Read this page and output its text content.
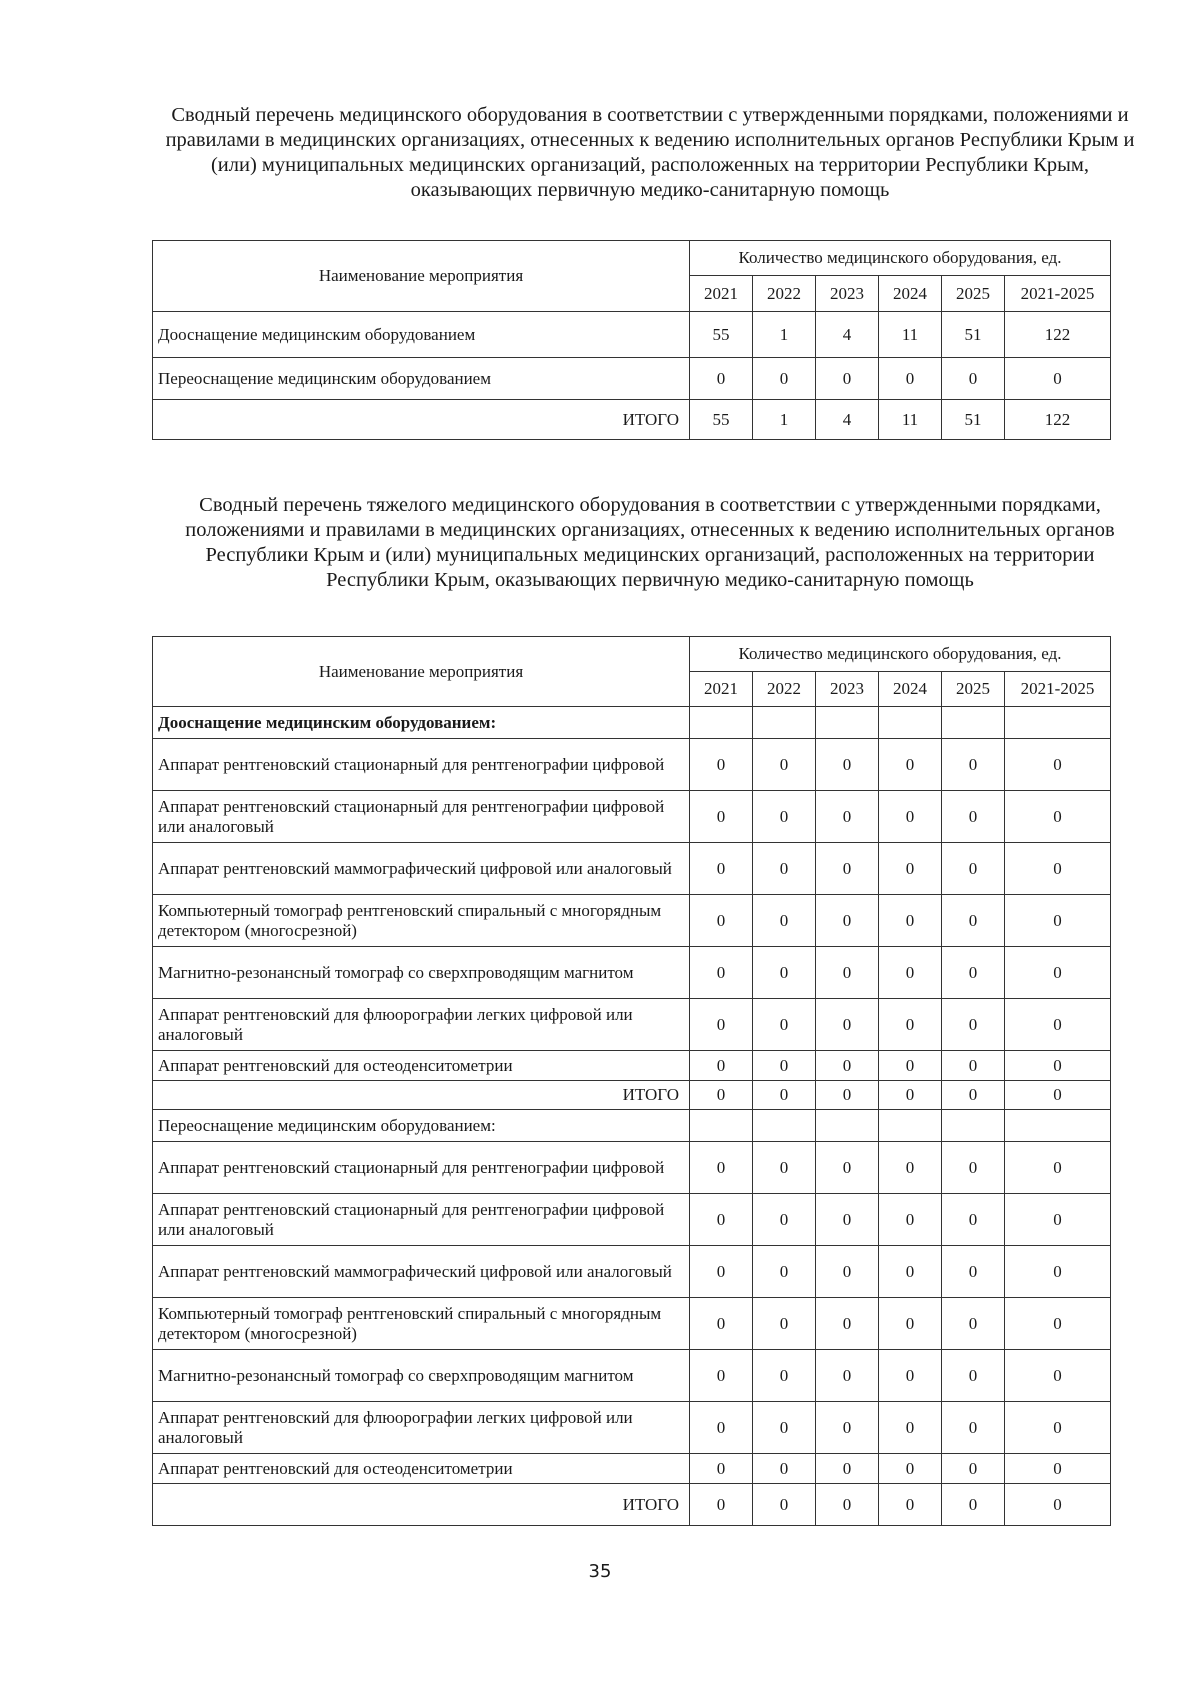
Сводный перечень медицинского оборудования в соответствии с утвержденными порядками, положениями и правилами в медицинских организациях, отнесенных к ведению исполнительных органов Республики Крым и (или) муниципальных медицинских организаций, расположенных на территории Республики Крым, оказывающих первичную медико-санитарную помощь
Наименование мероприятия	Количество медицинского оборудования, ед.					
	2021	2022	2023	2024	2025	2021-2025
Дооснащение медицинским оборудованием	55	1	4	11	51	122
Переоснащение медицинским оборудованием	0	0	0	0	0	0
ИТОГО	55	1	4	11	51	122
Сводный перечень тяжелого медицинского оборудования в соответствии с утвержденными порядками, положениями и правилами в медицинских организациях, отнесенных к ведению исполнительных органов Республики Крым и (или) муниципальных медицинских организаций, расположенных на территории Республики Крым, оказывающих первичную медико-санитарную помощь
Наименование мероприятия	Количество медицинского оборудования, ед.					
	2021	2022	2023	2024	2025	2021-2025
Дооснащение медицинским оборудованием:						
Аппарат рентгеновский стационарный для рентгенографии цифровой	0	0	0	0	0	0
Аппарат рентгеновский стационарный для рентгенографии цифровой или аналоговый	0	0	0	0	0	0
Аппарат рентгеновский маммографический цифровой или аналоговый	0	0	0	0	0	0
Компьютерный томограф рентгеновский спиральный с многорядным детектором (многосрезной)	0	0	0	0	0	0
Магнитно-резонансный томограф со сверхпроводящим магнитом	0	0	0	0	0	0
Аппарат рентгеновский для флюорографии легких цифровой или аналоговый	0	0	0	0	0	0
Аппарат рентгеновский для остеоденситометрии	0	0	0	0	0	0
ИТОГО	0	0	0	0	0	0
Переоснащение медицинским оборудованием:						
Аппарат рентгеновский стационарный для рентгенографии цифровой	0	0	0	0	0	0
Аппарат рентгеновский стационарный для рентгенографии цифровой или аналоговый	0	0	0	0	0	0
Аппарат рентгеновский маммографический цифровой или аналоговый	0	0	0	0	0	0
Компьютерный томограф рентгеновский спиральный с многорядным детектором (многосрезной)	0	0	0	0	0	0
Магнитно-резонансный томограф со сверхпроводящим магнитом	0	0	0	0	0	0
Аппарат рентгеновский для флюорографии легких цифровой или аналоговый	0	0	0	0	0	0
Аппарат рентгеновский для остеоденситометрии	0	0	0	0	0	0
ИТОГО	0	0	0	0	0	0
35
